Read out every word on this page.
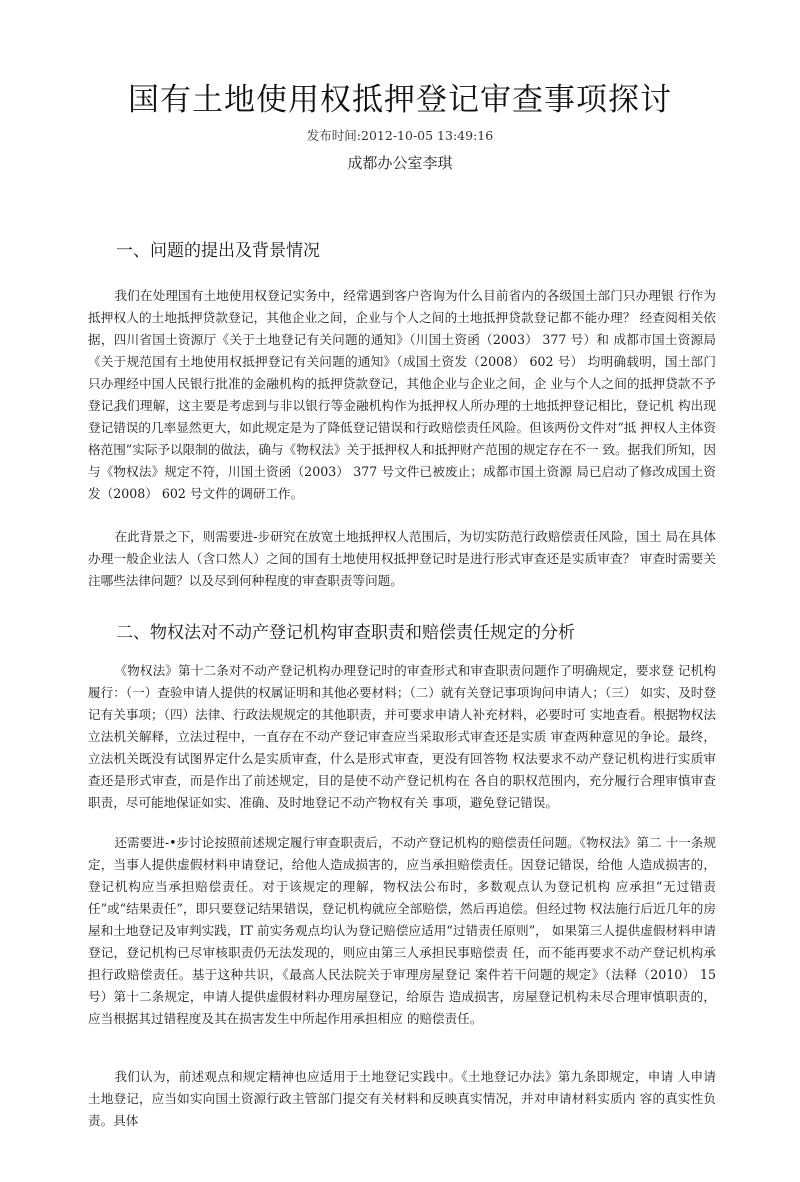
国有土地使用权抵押登记审查事项探讨
发布时间:2012-10-05 13:49:16
成都办公室李琪
一、问题的提出及背景情况
我们在处理国有土地使用权登记实务中，经常遇到客户咨询为什么目前省内的各级国土部门只办理银 行作为抵押权人的土地抵押贷款登记，其他企业之间，企业与个人之间的土地抵押贷款登记都不能办理？ 经查阅相关依据，四川省国土资源厅《关于土地登记有关问题的通知》（川国土资函（2003） 377 号）和 成都市国土资源局《关于规范国有土地使用权抵押登记有关问题的通知》（成国土资发（2008） 602 号） 均明确载明，国土部门只办理经中国人民银行批准的金融机构的抵押贷款登记，其他企业与企业之间，企 业与个人之间的抵押贷款不予登记。
我们理解，这主要是考虑到与非以银行等金融机构作为抵押权人所办理的土地抵押登记相比，登记机 构出现登记错误的几率显然更大，如此规定是为了降低登记错误和行政赔偿责任风险。但该两份文件对“抵 押权人主体资格范围”实际予以限制的做法，确与《物权法》关于抵押权人和抵押财产范围的规定存在不一 致。据我们所知，因与《物权法》规定不符，川国土资函（2003） 377 号文件已被废止；成都市国土资源 局已启动了修改成国土资发（2008） 602 号文件的调研工作。
在此背景之下，则需要进-步研究在放宽土地抵押权人范围后，为切实防范行政赔偿责任风险，国土 局在具体办理一般企业法人（含口然人）之间的国有土地使用权抵押登记时是进行形式审查还是实质审查？ 审查时需要关注哪些法律问题？以及尽到何种程度的审查职责等问题。
二、物权法对不动产登记机构审查职责和赔偿责任规定的分析
《物权法》第十二条对不动产登记机构办理登记时的审查形式和审查职责问题作了明确规定，要求登 记机构履行：（一）查验申请人提供的权属证明和其他必要材料；（二）就有关登记事项询问申请人；（三） 如实、及时登记有关事项；（四）法律、行政法规规定的其他职责，并可要求申请人补充材料，必要时可 实地查看。根据物权法立法机关解释，立法过程中，一直存在不动产登记审查应当采取形式审查还是实质 审查两种意见的争论。最终，立法机关既没有试图界定什么是实质审查，什么是形式审查，更没有回答物 权法要求不动产登记机构进行实质审查还是形式审查，而是作出了前述规定，目的是使不动产登记机构在 各自的职权范围内，充分履行合理审慎审查职责，尽可能地保证如实、准确、及时地登记不动产物权有关 事项，避免登记错误。
还需要进-•步讨论按照前述规定履行审查职责后，不动产登记机构的赔偿责任问题。《物权法》第二 十一条规定，当事人提供虚假材料申请登记，给他人造成损害的，应当承担赔偿责任。因登记错误，给他 人造成损害的，登记机构应当承担赔偿责任。对于该规定的理解，物权法公布时，多数观点认为登记机构 应承担“无过错责任”或“结果责任”，即只要登记结果错误，登记机构就应全部赔偿，然后再追偿。但经过物 权法施行后近几年的房屋和土地登记及审判实践，IT 前实务观点均认为登记赔偿应适用“过错责任原则”， 如果第三人提供虚假材料申请登记，登记机构已尽审核职责仍无法发现的，则应由第三人承担民事赔偿责 任，而不能再要求不动产登记机构承担行政赔偿责任。基于这种共识，《最高人民法院关于审理房屋登记 案件若干问题的规定》（法释（2010） 15 号）第十二条规定，申请人提供虚假材料办理房屋登记，给原告 造成损害，房屋登记机构未尽合理审慎职责的，应当根据其过错程度及其在损害发生中所起作用承担相应 的赔偿责任。
我们认为，前述观点和规定精神也应适用于土地登记实践中。《土地登记办法》第九条即规定，申请 人申请土地登记，应当如实向国土资源行政主管部门提交有关材料和反映真实情况，并对申请材料实质内 容的真实性负责。具体
